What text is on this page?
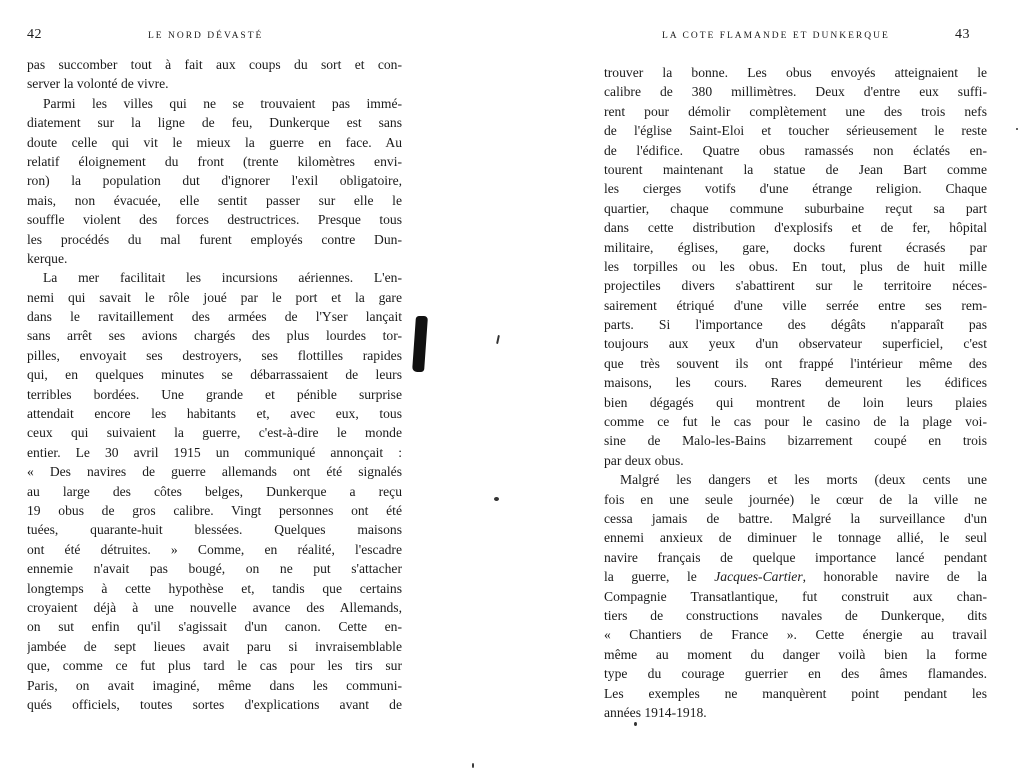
42	LE NORD DÉVASTÉ
pas succomber tout à fait aux coups du sort et con-
server la volonté de vivre.
Parmi les villes qui ne se trouvaient pas immé-
diatement sur la ligne de feu, Dunkerque est sans
doute celle qui vit le mieux la guerre en face. Au
relatif éloignement du front (trente kilomètres envi-
ron) la population dut d'ignorer l'exil obligatoire,
mais, non évacuée, elle sentit passer sur elle le
souffle violent des forces destructrices. Presque tous
les procédés du mal furent employés contre Dun-
kerque.
La mer facilitait les incursions aériennes. L'en-
nemi qui savait le rôle joué par le port et la gare
dans le ravitaillement des armées de l'Yser lançait
sans arrêt ses avions chargés des plus lourdes tor-
pilles, envoyait ses destroyers, ses flottilles rapides
qui, en quelques minutes se débarrassaient de leurs
terribles bordées. Une grande et pénible surprise
attendait encore les habitants et, avec eux, tous
ceux qui suivaient la guerre, c'est-à-dire le monde
entier. Le 30 avril 1915 un communiqué annonçait :
« Des navires de guerre allemands ont été signalés
au large des côtes belges, Dunkerque a reçu
19 obus de gros calibre. Vingt personnes ont été
tuées, quarante-huit blessées. Quelques maisons
ont été détruites. » Comme, en réalité, l'escadre
ennemie n'avait pas bougé, on ne put s'attacher
longtemps à cette hypothèse et, tandis que certains
croyaient déjà à une nouvelle avance des Allemands,
on sut enfin qu'il s'agissait d'un canon. Cette en-
jambée de sept lieues avait paru si invraisemblable
que, comme ce fut plus tard le cas pour les tirs sur
Paris, on avait imaginé, même dans les communi-
qués officiels, toutes sortes d'explications avant de
43
LA COTE FLAMANDE ET DUNKERQUE
trouver la bonne. Les obus envoyés atteignaient le
calibre de 380 millimètres. Deux d'entre eux suffi-
rent pour démolir complètement une des trois nefs
de l'église Saint-Eloi et toucher sérieusement le reste
de l'édifice. Quatre obus ramassés non éclatés en-
tourent maintenant la statue de Jean Bart comme
les cierges votifs d'une étrange religion. Chaque
quartier, chaque commune suburbaine reçut sa part
dans cette distribution d'explosifs et de fer, hôpital
militaire, églises, gare, docks furent écrasés par
les torpilles ou les obus. En tout, plus de huit mille
projectiles divers s'abattirent sur le territoire néces-
sairement étriqué d'une ville serrée entre ses rem-
parts. Si l'importance des dégâts n'apparaît pas
toujours aux yeux d'un observateur superficiel, c'est
que très souvent ils ont frappé l'intérieur même des
maisons, les cours. Rares demeurent les édifices
bien dégagés qui montrent de loin leurs plaies
comme ce fut le cas pour le casino de la plage voi-
sine de Malo-les-Bains bizarrement coupé en trois
par deux obus.
Malgré les dangers et les morts (deux cents une
fois en une seule journée) le cœur de la ville ne
cessa jamais de battre. Malgré la surveillance d'un
ennemi anxieux de diminuer le tonnage allié, le seul
navire français de quelque importance lancé pendant
la guerre, le Jacques-Cartier, honorable navire de la
Compagnie Transatlantique, fut construit aux chan-
tiers de constructions navales de Dunkerque, dits
« Chantiers de France ». Cette énergie au travail
même au moment du danger voilà bien la forme
type du courage guerrier en des âmes flamandes.
Les exemples ne manquèrent point pendant les
années 1914-1918.
